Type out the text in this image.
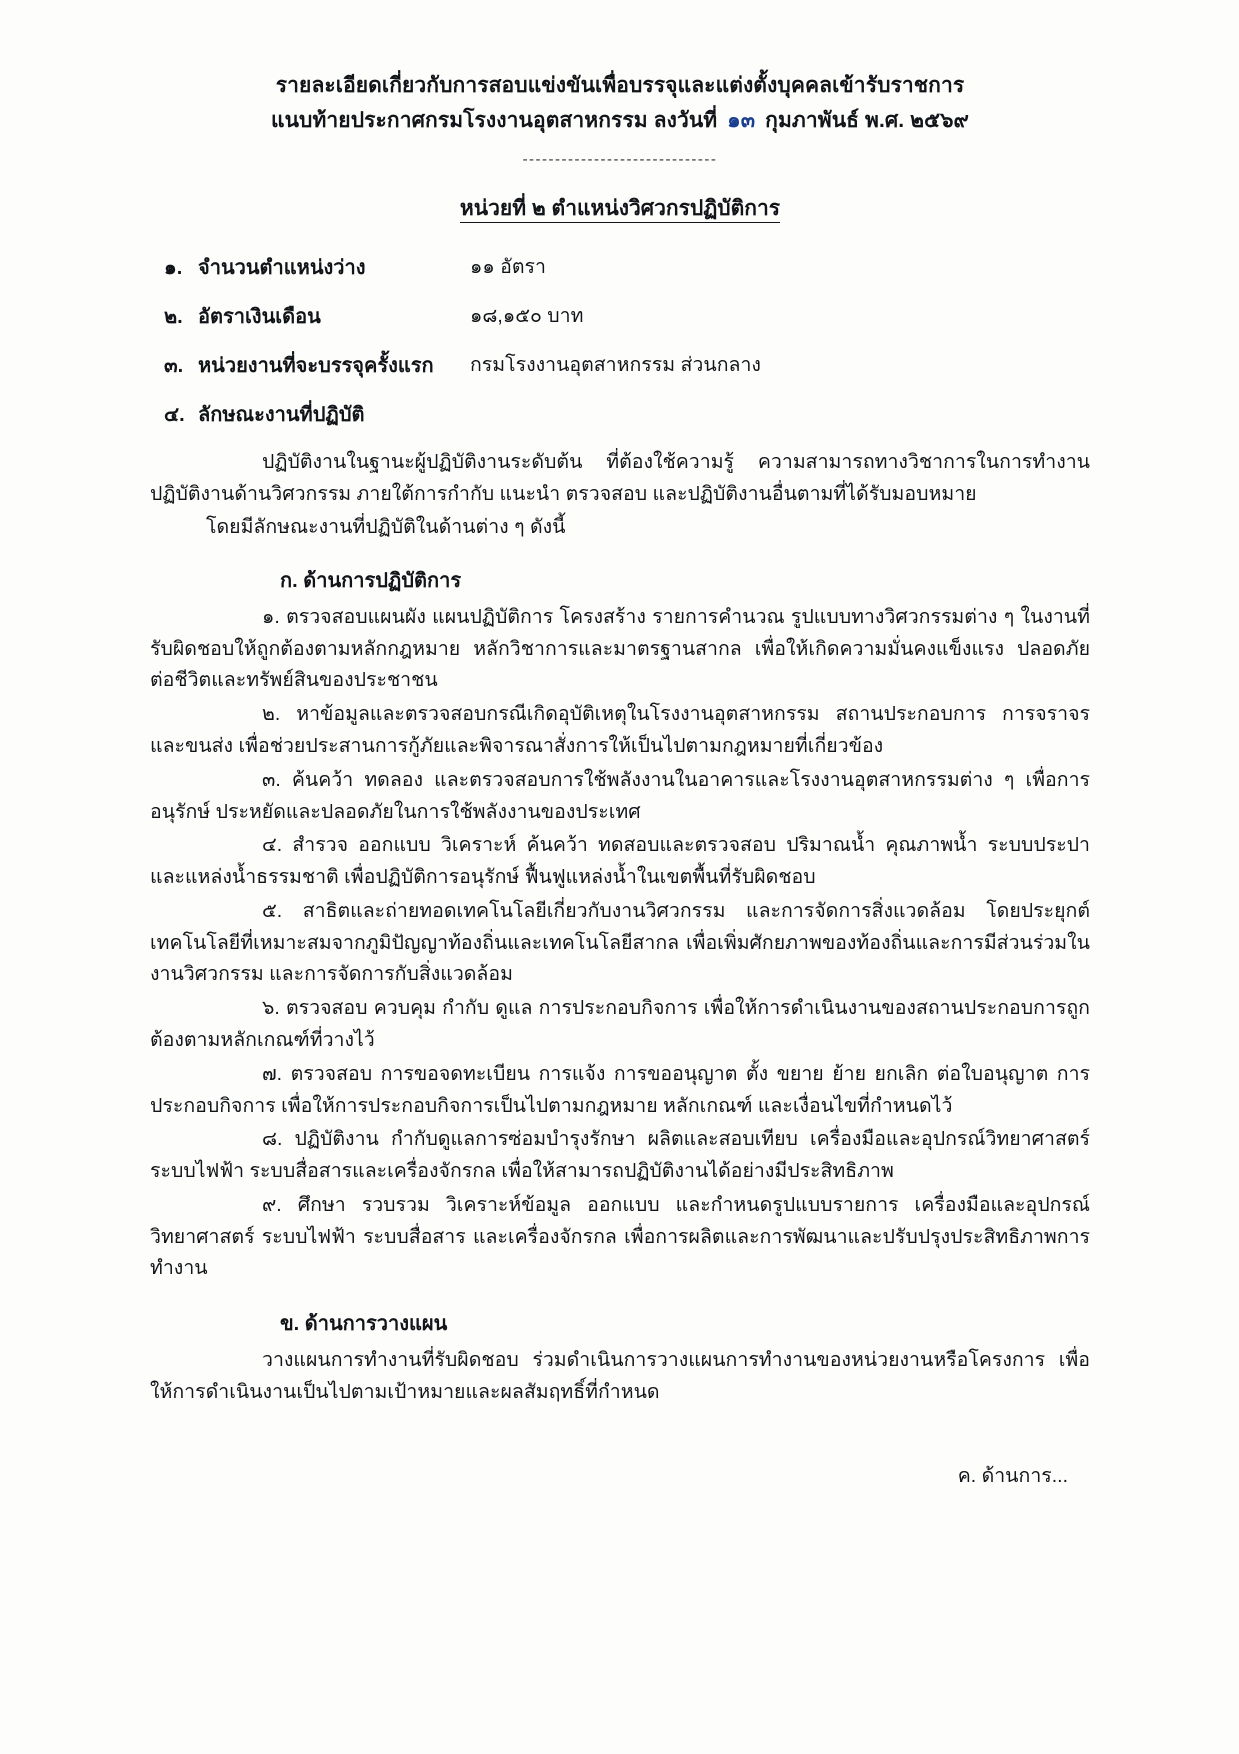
รายละเอียดเกี่ยวกับการสอบแข่งขันเพื่อบรรจุและแต่งตั้งบุคคลเข้ารับราชการ
แนบท้ายประกาศกรมโรงงานอุตสาหกรรม ลงวันที่ ๑๓ กุมภาพันธ์ พ.ศ. ๒๕๖๙
------------------------------
หน่วยที่ ๒ ตำแหน่งวิศวกรปฏิบัติการ
๑. จำนวนตำแหน่งว่าง	๑๑ อัตรา
๒. อัตราเงินเดือน	๑๘,๑๕๐ บาท
๓. หน่วยงานที่จะบรรจุครั้งแรก	กรมโรงงานอุตสาหกรรม ส่วนกลาง
๔. ลักษณะงานที่ปฏิบัติ

ปฏิบัติงานในฐานะผู้ปฏิบัติงานระดับต้น ที่ต้องใช้ความรู้ ความสามารถทางวิชาการในการทำงาน ปฏิบัติงานด้านวิศวกรรม ภายใต้การกำกับ แนะนำ ตรวจสอบ และปฏิบัติงานอื่นตามที่ได้รับมอบหมาย

โดยมีลักษณะงานที่ปฏิบัติในด้านต่าง ๆ ดังนี้

ก. ด้านการปฏิบัติการ

๑. ตรวจสอบแผนผัง แผนปฏิบัติการ โครงสร้าง รายการคำนวณ รูปแบบทางวิศวกรรมต่าง ๆ ในงานที่รับผิดชอบให้ถูกต้องตามหลักกฎหมาย หลักวิชาการและมาตรฐานสากล เพื่อให้เกิดความมั่นคงแข็งแรง ปลอดภัยต่อชีวิตและทรัพย์สินของประชาชน

๒. หาข้อมูลและตรวจสอบกรณีเกิดอุบัติเหตุในโรงงานอุตสาหกรรม สถานประกอบการ การจราจรและขนส่ง เพื่อช่วยประสานการกู้ภัยและพิจารณาสั่งการให้เป็นไปตามกฎหมายที่เกี่ยวข้อง

๓. ค้นคว้า ทดลอง และตรวจสอบการใช้พลังงานในอาคารและโรงงานอุตสาหกรรมต่าง ๆ เพื่อการอนุรักษ์ ประหยัดและปลอดภัยในการใช้พลังงานของประเทศ

๔. สำรวจ ออกแบบ วิเคราะห์ ค้นคว้า ทดสอบและตรวจสอบ ปริมาณน้ำ คุณภาพน้ำ ระบบประปา และแหล่งน้ำธรรมชาติ เพื่อปฏิบัติการอนุรักษ์ ฟื้นฟูแหล่งน้ำในเขตพื้นที่รับผิดชอบ

๕. สาธิตและถ่ายทอดเทคโนโลยีเกี่ยวกับงานวิศวกรรม และการจัดการสิ่งแวดล้อม โดยประยุกต์เทคโนโลยีที่เหมาะสมจากภูมิปัญญาท้องถิ่นและเทคโนโลยีสากล เพื่อเพิ่มศักยภาพของท้องถิ่นและการมีส่วนร่วมในงานวิศวกรรม และการจัดการกับสิ่งแวดล้อม

๖. ตรวจสอบ ควบคุม กำกับ ดูแล การประกอบกิจการ เพื่อให้การดำเนินงานของสถานประกอบการถูกต้องตามหลักเกณฑ์ที่วางไว้

๗. ตรวจสอบ การขอจดทะเบียน การแจ้ง การขออนุญาต ตั้ง ขยาย ย้าย ยกเลิก ต่อใบอนุญาต การประกอบกิจการ เพื่อให้การประกอบกิจการเป็นไปตามกฎหมาย หลักเกณฑ์ และเงื่อนไขที่กำหนดไว้

๘. ปฏิบัติงาน กำกับดูแลการซ่อมบำรุงรักษา ผลิตและสอบเทียบ เครื่องมือและอุปกรณ์วิทยาศาสตร์ ระบบไฟฟ้า ระบบสื่อสารและเครื่องจักรกล เพื่อให้สามารถปฏิบัติงานได้อย่างมีประสิทธิภาพ

๙. ศึกษา รวบรวม วิเคราะห์ข้อมูล ออกแบบ และกำหนดรูปแบบรายการ เครื่องมือและอุปกรณ์วิทยาศาสตร์ ระบบไฟฟ้า ระบบสื่อสาร และเครื่องจักรกล เพื่อการผลิตและการพัฒนาและปรับปรุงประสิทธิภาพการทำงาน

ข. ด้านการวางแผน

วางแผนการทำงานที่รับผิดชอบ ร่วมดำเนินการวางแผนการทำงานของหน่วยงานหรือโครงการ เพื่อให้การดำเนินงานเป็นไปตามเป้าหมายและผลสัมฤทธิ์ที่กำหนด

ค. ด้านการ...
